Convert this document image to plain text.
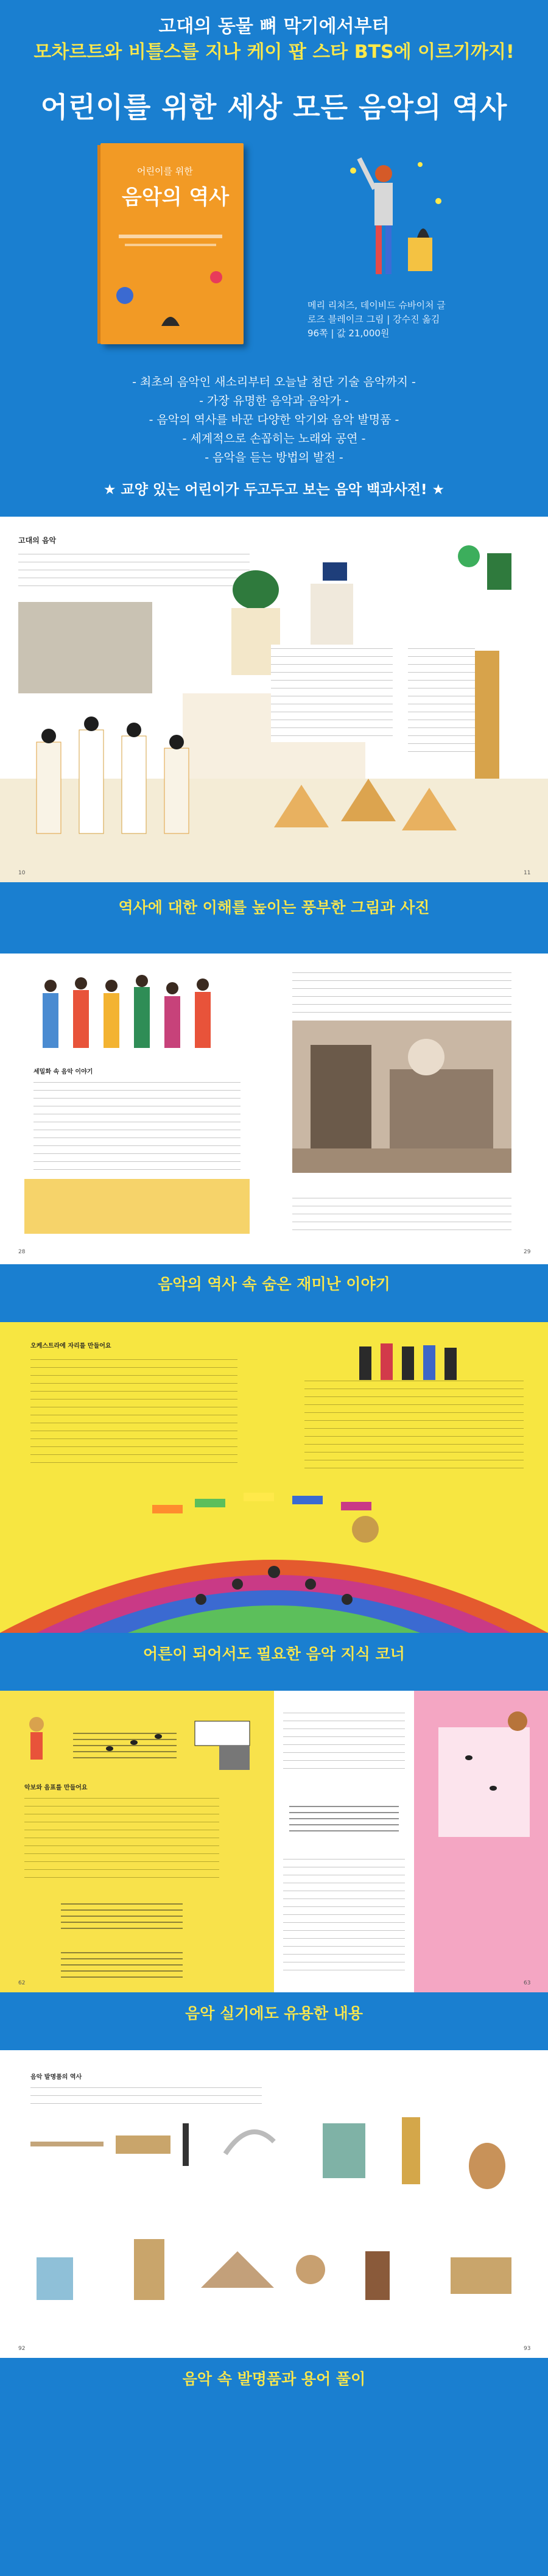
고대의 동물 뼈 막기에서부터
모차르트와 비틀스를 지나 케이 팝 스타 BTS에 이르기까지!
어린이를 위한 세상 모든 음악의 역사
어린이를 위한
음악의 역사
메리 리처즈, 데이비드 슈바이처 글
로즈 블레이크 그림 | 강수진 옮김
96쪽 | 값 21,000원
- 최초의 음악인 새소리부터 오늘날 첨단 기술 음악까지 -
- 가장 유명한 음악과 음악가 -
- 음악의 역사를 바꾼 다양한 악기와 음악 발명품 -
- 세계적으로 손꼽히는 노래와 공연 -
- 음악을 듣는 방법의 발전 -
★ 교양 있는 어린이가 두고두고 보는 음악 백과사전! ★
고대의 음악
10	11
역사에 대한 이해를 높이는 풍부한 그림과 사진
세밀화 속 음악 이야기
28	29
음악의 역사 속 숨은 재미난 이야기
오케스트라에 자리를 만들어요
어른이 되어서도 필요한 음악 지식 코너
악보와 음표를 만들어요
62	63
음악 실기에도 유용한 내용
음악 발명품의 역사
92	93
음악 속 발명품과 용어 풀이
